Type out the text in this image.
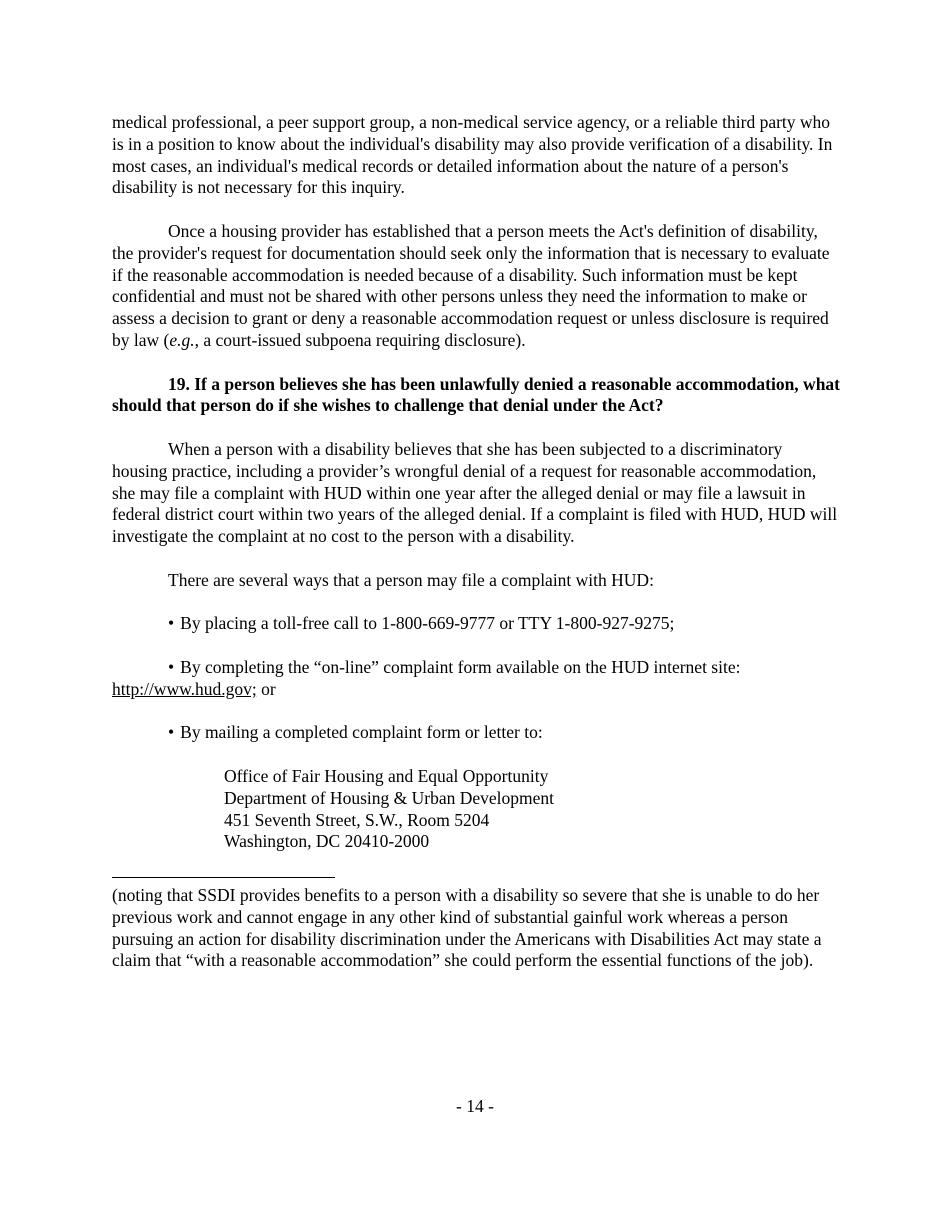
medical professional, a peer support group, a non-medical service agency, or a reliable third party who is in a position to know about the individual's disability may also provide verification of a disability. In most cases, an individual's medical records or detailed information about the nature of a person's disability is not necessary for this inquiry.

Once a housing provider has established that a person meets the Act's definition of disability, the provider's request for documentation should seek only the information that is necessary to evaluate if the reasonable accommodation is needed because of a disability. Such information must be kept confidential and must not be shared with other persons unless they need the information to make or assess a decision to grant or deny a reasonable accommodation request or unless disclosure is required by law (e.g., a court-issued subpoena requiring disclosure).

19. If a person believes she has been unlawfully denied a reasonable accommodation, what should that person do if she wishes to challenge that denial under the Act?

When a person with a disability believes that she has been subjected to a discriminatory housing practice, including a provider’s wrongful denial of a request for reasonable accommodation, she may file a complaint with HUD within one year after the alleged denial or may file a lawsuit in federal district court within two years of the alleged denial. If a complaint is filed with HUD, HUD will investigate the complaint at no cost to the person with a disability.

There are several ways that a person may file a complaint with HUD:

• By placing a toll-free call to 1-800-669-9777 or TTY 1-800-927-9275;

• By completing the “on-line” complaint form available on the HUD internet site:
http://www.hud.gov; or

• By mailing a completed complaint form or letter to:

Office of Fair Housing and Equal Opportunity
Department of Housing & Urban Development
451 Seventh Street, S.W., Room 5204
Washington, DC 20410-2000

(noting that SSDI provides benefits to a person with a disability so severe that she is unable to do her previous work and cannot engage in any other kind of substantial gainful work whereas a person pursuing an action for disability discrimination under the Americans with Disabilities Act may state a claim that “with a reasonable accommodation” she could perform the essential functions of the job).

- 14 -
